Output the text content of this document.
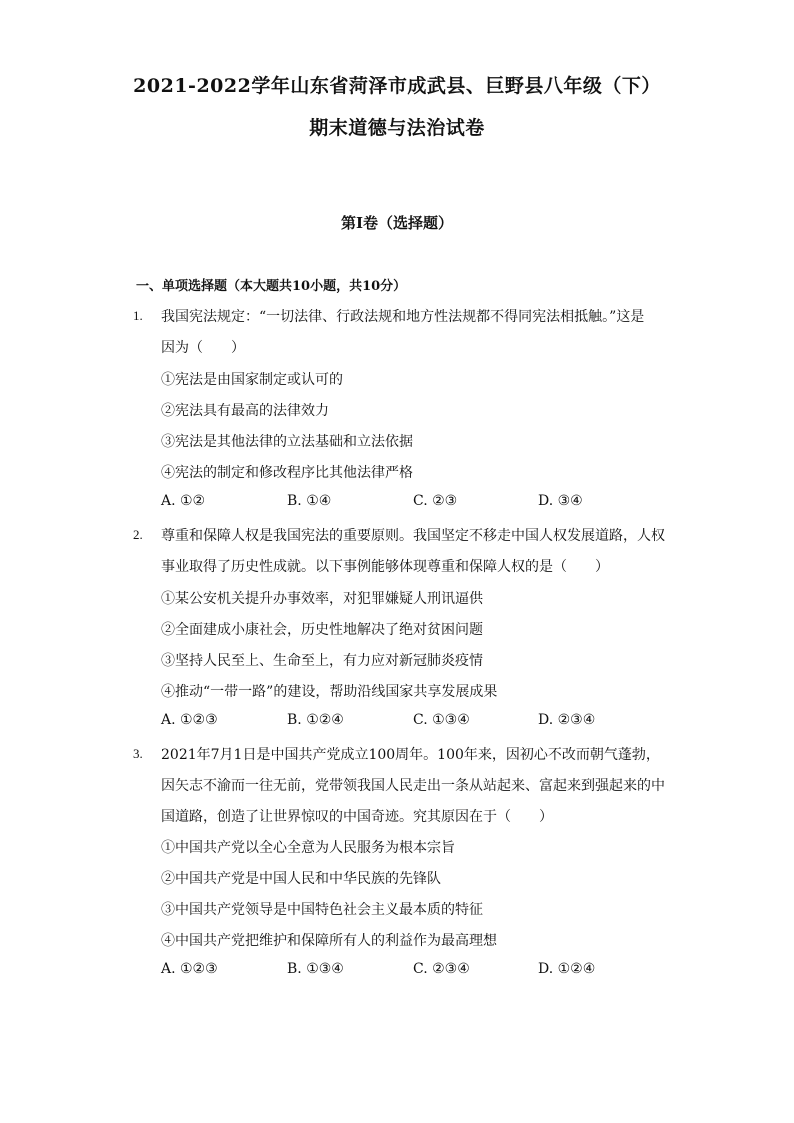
2021-2022学年山东省菏泽市成武县、巨野县八年级（下）
期末道德与法治试卷
第I卷（选择题）
一、单项选择题（本大题共10小题，共10分）
1. 我国宪法规定：“一切法律、行政法规和地方性法规都不得同宪法相抵触。”这是
因为（　　）
①宪法是由国家制定或认可的
②宪法具有最高的法律效力
③宪法是其他法律的立法基础和立法依据
④宪法的制定和修改程序比其他法律严格
A. ①②	B. ①④	C. ②③	D. ③④
2. 尊重和保障人权是我国宪法的重要原则。我国坚定不移走中国人权发展道路，人权
事业取得了历史性成就。以下事例能够体现尊重和保障人权的是（　　）
①某公安机关提升办事效率，对犯罪嫌疑人刑讯逼供
②全面建成小康社会，历史性地解决了绝对贫困问题
③坚持人民至上、生命至上，有力应对新冠肺炎疫情
④推动“一带一路”的建设，帮助沿线国家共享发展成果
A. ①②③	B. ①②④	C. ①③④	D. ②③④
3. 2021年7月1日是中国共产党成立100周年。100年来，因初心不改而朝气蓬勃，
因矢志不渝而一往无前，党带领我国人民走出一条从站起来、富起来到强起来的中
国道路，创造了让世界惊叹的中国奇迹。究其原因在于（　　）
①中国共产党以全心全意为人民服务为根本宗旨
②中国共产党是中国人民和中华民族的先锋队
③中国共产党领导是中国特色社会主义最本质的特征
④中国共产党把维护和保障所有人的利益作为最高理想
A. ①②③	B. ①③④	C. ②③④	D. ①②④
